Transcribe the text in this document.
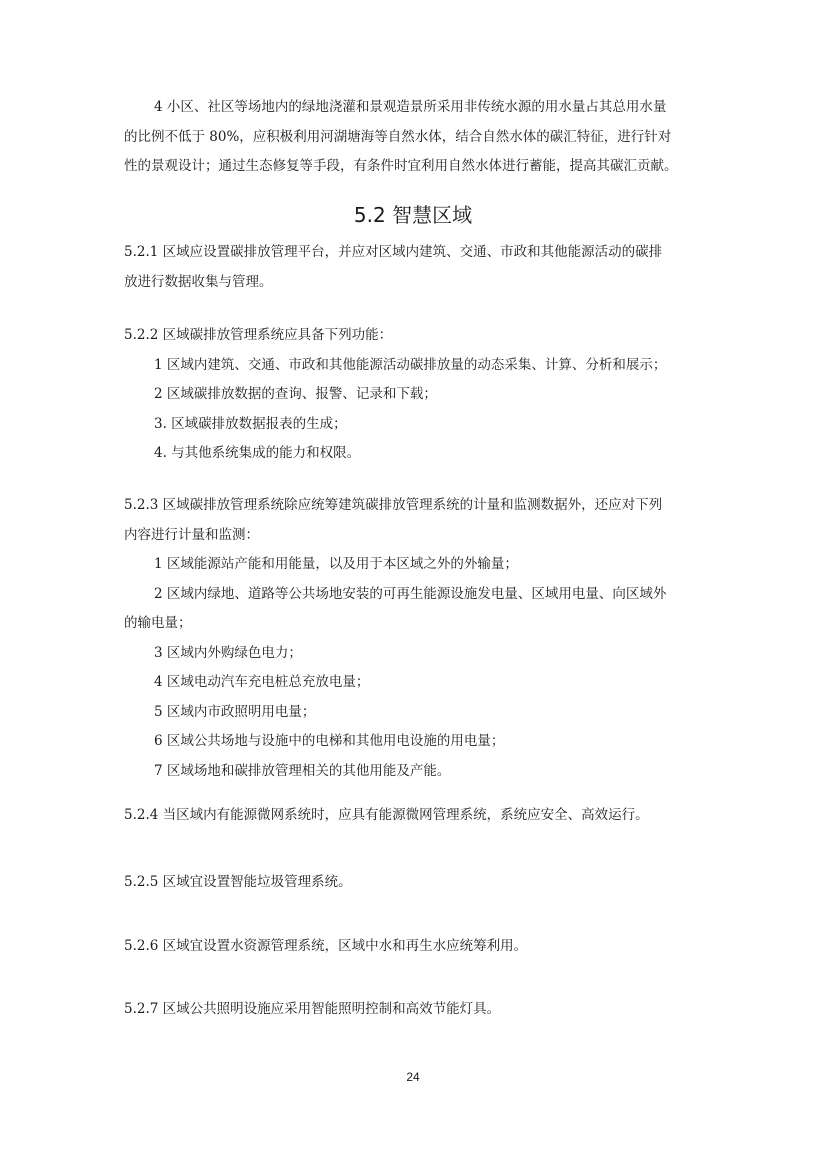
4 小区、社区等场地内的绿地浇灌和景观造景所采用非传统水源的用水量占其总用水量
的比例不低于 80%，应积极利用河湖塘海等自然水体，结合自然水体的碳汇特征，进行针对
性的景观设计；通过生态修复等手段，有条件时宜利用自然水体进行蓄能，提高其碳汇贡献。
5.2 智慧区域
5.2.1 区域应设置碳排放管理平台，并应对区域内建筑、交通、市政和其他能源活动的碳排
放进行数据收集与管理。
5.2.2 区域碳排放管理系统应具备下列功能：
1 区域内建筑、交通、市政和其他能源活动碳排放量的动态采集、计算、分析和展示；
2 区域碳排放数据的查询、报警、记录和下载；
3. 区域碳排放数据报表的生成；
4. 与其他系统集成的能力和权限。
5.2.3 区域碳排放管理系统除应统筹建筑碳排放管理系统的计量和监测数据外，还应对下列
内容进行计量和监测：
1 区域能源站产能和用能量，以及用于本区域之外的外输量；
2 区域内绿地、道路等公共场地安装的可再生能源设施发电量、区域用电量、向区域外
的输电量；
3 区域内外购绿色电力；
4 区域电动汽车充电桩总充放电量；
5 区域内市政照明用电量；
6 区域公共场地与设施中的电梯和其他用电设施的用电量；
7 区域场地和碳排放管理相关的其他用能及产能。
5.2.4 当区域内有能源微网系统时，应具有能源微网管理系统，系统应安全、高效运行。
5.2.5 区域宜设置智能垃圾管理系统。
5.2.6 区域宜设置水资源管理系统，区域中水和再生水应统筹利用。
5.2.7 区域公共照明设施应采用智能照明控制和高效节能灯具。
24
